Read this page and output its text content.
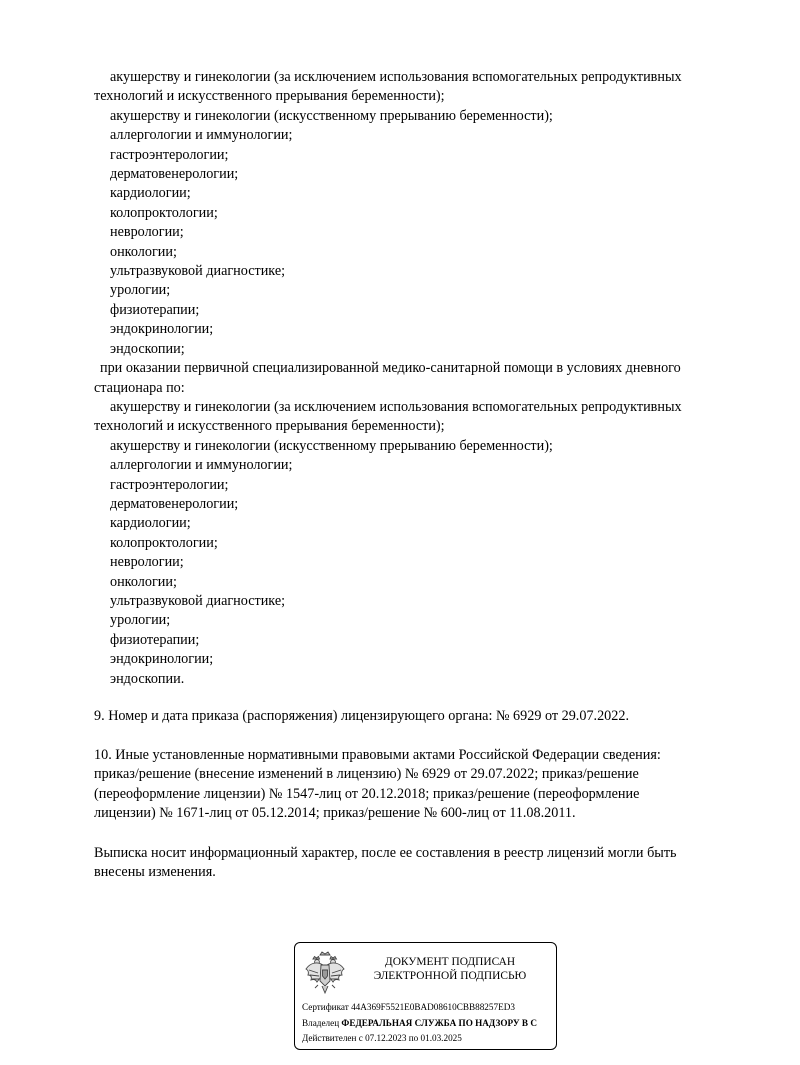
акушерству и гинекологии (за исключением использования вспомогательных репродуктивных
технологий и искусственного прерывания беременности);
акушерству и гинекологии (искусственному прерыванию беременности);
аллергологии и иммунологии;
гастроэнтерологии;
дерматовенерологии;
кардиологии;
колопроктологии;
неврологии;
онкологии;
ультразвуковой диагностике;
урологии;
физиотерапии;
эндокринологии;
эндоскопии;
при оказании первичной специализированной медико-санитарной помощи в условиях дневного
стационара по:
акушерству и гинекологии (за исключением использования вспомогательных репродуктивных
технологий и искусственного прерывания беременности);
акушерству и гинекологии (искусственному прерыванию беременности);
аллергологии и иммунологии;
гастроэнтерологии;
дерматовенерологии;
кардиологии;
колопроктологии;
неврологии;
онкологии;
ультразвуковой диагностике;
урологии;
физиотерапии;
эндокринологии;
эндоскопии.
9. Номер и дата приказа (распоряжения) лицензирующего органа: № 6929 от 29.07.2022.
10. Иные установленные нормативными правовыми актами Российской Федерации сведения:
приказ/решение (внесение изменений в лицензию) № 6929 от 29.07.2022; приказ/решение
(переоформление лицензии) № 1547-лиц от 20.12.2018; приказ/решение (переоформление
лицензии) № 1671-лиц от 05.12.2014; приказ/решение № 600-лиц от 11.08.2011.
Выписка носит информационный характер, после ее составления в реестр лицензий могли быть
внесены изменения.
ДОКУМЕНТ ПОДПИСАН
ЭЛЕКТРОННОЙ ПОДПИСЬЮ
Сертификат 44A369F5521E0BAD08610CBB88257ED3
Владелец ФЕДЕРАЛЬНАЯ СЛУЖБА ПО НАДЗОРУ В С
Действителен с 07.12.2023 по 01.03.2025
